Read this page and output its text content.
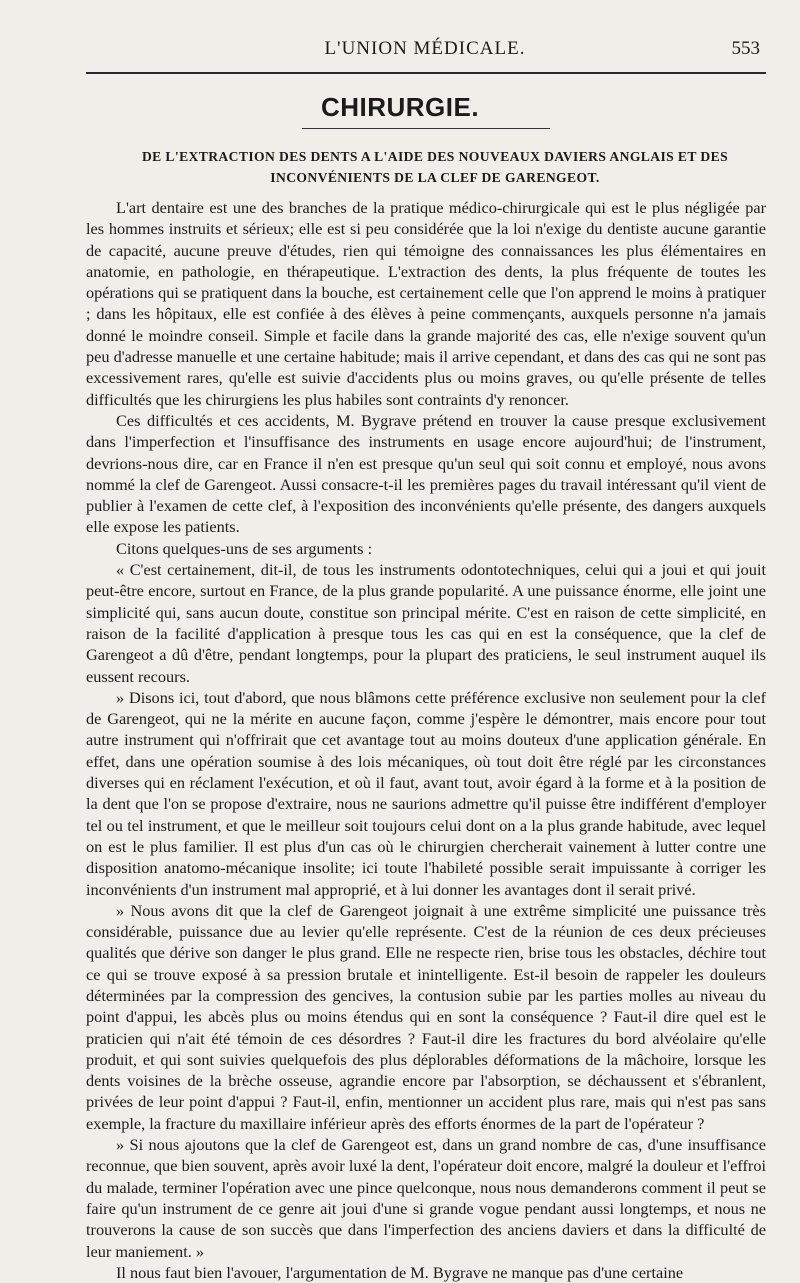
L'UNION MÉDICALE.	553
CHIRURGIE.
DE L'EXTRACTION DES DENTS A L'AIDE DES NOUVEAUX DAVIERS ANGLAIS ET DES INCONVÉNIENTS DE LA CLEF DE GARENGEOT.

L'art dentaire est une des branches de la pratique médico-chirurgicale qui est le plus négligée par les hommes instruits et sérieux; elle est si peu considérée que la loi n'exige du dentiste aucune garantie de capacité, aucune preuve d'études, rien qui témoigne des connaissances les plus élémentaires en anatomie, en pathologie, en thérapeutique. L'extraction des dents, la plus fréquente de toutes les opérations qui se pratiquent dans la bouche, est certainement celle que l'on apprend le moins à pratiquer ; dans les hôpitaux, elle est confiée à des élèves à peine commençants, auxquels personne n'a jamais donné le moindre conseil. Simple et facile dans la grande majorité des cas, elle n'exige souvent qu'un peu d'adresse manuelle et une certaine habitude; mais il arrive cependant, et dans des cas qui ne sont pas excessivement rares, qu'elle est suivie d'accidents plus ou moins graves, ou qu'elle présente de telles difficultés que les chirurgiens les plus habiles sont contraints d'y renoncer.

Ces difficultés et ces accidents, M. Bygrave prétend en trouver la cause presque exclusivement dans l'imperfection et l'insuffisance des instruments en usage encore aujourd'hui; de l'instrument, devrions-nous dire, car en France il n'en est presque qu'un seul qui soit connu et employé, nous avons nommé la clef de Garengeot. Aussi consacre-t-il les premières pages du travail intéressant qu'il vient de publier à l'examen de cette clef, à l'exposition des inconvénients qu'elle présente, des dangers auxquels elle expose les patients.

Citons quelques-uns de ses arguments :

« C'est certainement, dit-il, de tous les instruments odontotechniques, celui qui a joui et qui jouit peut-être encore, surtout en France, de la plus grande popularité. A une puissance énorme, elle joint une simplicité qui, sans aucun doute, constitue son principal mérite. C'est en raison de cette simplicité, en raison de la facilité d'application à presque tous les cas qui en est la conséquence, que la clef de Garengeot a dû d'être, pendant longtemps, pour la plupart des praticiens, le seul instrument auquel ils eussent recours.

» Disons ici, tout d'abord, que nous blâmons cette préférence exclusive non seulement pour la clef de Garengeot, qui ne la mérite en aucune façon, comme j'espère le démontrer, mais encore pour tout autre instrument qui n'offrirait que cet avantage tout au moins douteux d'une application générale. En effet, dans une opération soumise à des lois mécaniques, où tout doit être réglé par les circonstances diverses qui en réclament l'exécution, et où il faut, avant tout, avoir égard à la forme et à la position de la dent que l'on se propose d'extraire, nous ne saurions admettre qu'il puisse être indifférent d'employer tel ou tel instrument, et que le meilleur soit toujours celui dont on a la plus grande habitude, avec lequel on est le plus familier. Il est plus d'un cas où le chirurgien chercherait vainement à lutter contre une disposition anatomo-mécanique insolite; ici toute l'habileté possible serait impuissante à corriger les inconvénients d'un instrument mal approprié, et à lui donner les avantages dont il serait privé.

» Nous avons dit que la clef de Garengeot joignait à une extrême simplicité une puissance très considérable, puissance due au levier qu'elle représente. C'est de la réunion de ces deux précieuses qualités que dérive son danger le plus grand. Elle ne respecte rien, brise tous les obstacles, déchire tout ce qui se trouve exposé à sa pression brutale et inintelligente. Est-il besoin de rappeler les douleurs déterminées par la compression des gencives, la contusion subie par les parties molles au niveau du point d'appui, les abcès plus ou moins étendus qui en sont la conséquence ? Faut-il dire quel est le praticien qui n'ait été témoin de ces désordres ? Faut-il dire les fractures du bord alvéolaire qu'elle produit, et qui sont suivies quelquefois des plus déplorables déformations de la mâchoire, lorsque les dents voisines de la brèche osseuse, agrandie encore par l'absorption, se déchaussent et s'ébranlent, privées de leur point d'appui ? Faut-il, enfin, mentionner un accident plus rare, mais qui n'est pas sans exemple, la fracture du maxillaire inférieur après des efforts énormes de la part de l'opérateur ?

» Si nous ajoutons que la clef de Garengeot est, dans un grand nombre de cas, d'une insuffisance reconnue, que bien souvent, après avoir luxé la dent, l'opérateur doit encore, malgré la douleur et l'effroi du malade, terminer l'opération avec une pince quelconque, nous nous demanderons comment il peut se faire qu'un instrument de ce genre ait joui d'une si grande vogue pendant aussi longtemps, et nous ne trouverons la cause de son succès que dans l'imperfection des anciens daviers et dans la difficulté de leur maniement. »

Il nous faut bien l'avouer, l'argumentation de M. Bygrave ne manque pas d'une certaine
